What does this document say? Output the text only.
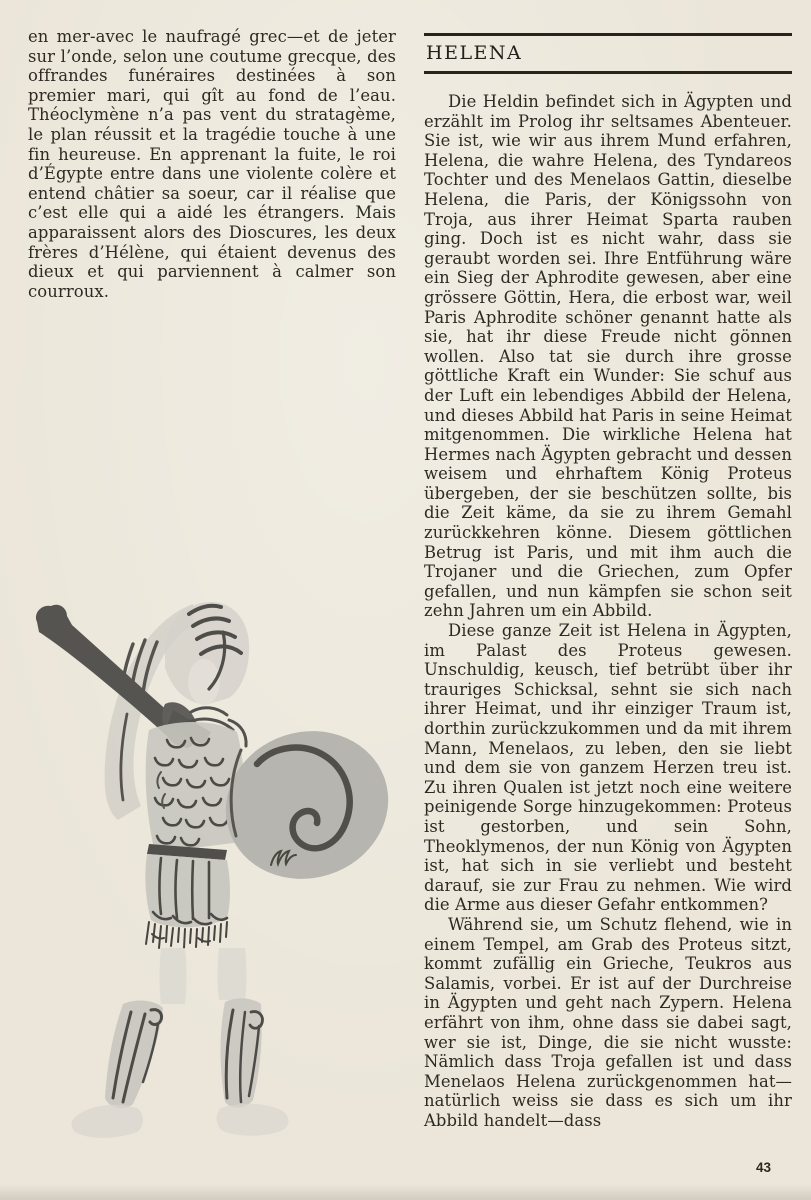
en mer-avec le naufragé grec—et de jeter sur l’onde, selon une coutume grecque, des offrandes funéraires destinées à son premier mari, qui gît au fond de l’eau. Théoclymène n’a pas vent du stratagème, le plan réussit et la tragédie touche à une fin heureuse. En apprenant la fuite, le roi d’Égypte entre dans une violente colère et entend châtier sa soeur, car il réalise que c’est elle qui a aidé les étrangers. Mais apparaissent alors des Dioscures, les deux frères d’Hélène, qui étaient devenus des dieux et qui parviennent à calmer son courroux.

HELENA

Die Heldin befindet sich in Ägypten und erzählt im Prolog ihr seltsames Abenteuer. Sie ist, wie wir aus ihrem Mund erfahren, Helena, die wahre Helena, des Tyndareos Tochter und des Menelaos Gattin, dieselbe Helena, die Paris, der Königssohn von Troja, aus ihrer Heimat Sparta rauben ging. Doch ist es nicht wahr, dass sie geraubt worden sei. Ihre Entführung wäre ein Sieg der Aphrodite gewesen, aber eine grössere Göttin, Hera, die erbost war, weil Paris Aphrodite schöner genannt hatte als sie, hat ihr diese Freude nicht gönnen wollen. Also tat sie durch ihre grosse göttliche Kraft ein Wunder: Sie schuf aus der Luft ein lebendiges Abbild der Helena, und dieses Abbild hat Paris in seine Heimat mitgenommen. Die wirkliche Helena hat Hermes nach Ägypten gebracht und dessen weisem und ehrhaftem König Proteus übergeben, der sie beschützen sollte, bis die Zeit käme, da sie zu ihrem Gemahl zurückkehren könne. Diesem göttlichen Betrug ist Paris, und mit ihm auch die Trojaner und die Griechen, zum Opfer gefallen, und nun kämpfen sie schon seit zehn Jahren um ein Abbild.

Diese ganze Zeit ist Helena in Ägypten, im Palast des Proteus gewesen. Unschuldig, keusch, tief betrübt über ihr trauriges Schicksal, sehnt sie sich nach ihrer Heimat, und ihr einziger Traum ist, dorthin zurückzukommen und da mit ihrem Mann, Menelaos, zu leben, den sie liebt und dem sie von ganzem Herzen treu ist. Zu ihren Qualen ist jetzt noch eine weitere peinigende Sorge hinzugekommen: Proteus ist gestorben, und sein Sohn, Theoklymenos, der nun König von Ägypten ist, hat sich in sie verliebt und besteht darauf, sie zur Frau zu nehmen. Wie wird die Arme aus dieser Gefahr entkommen?

Während sie, um Schutz flehend, wie in einem Tempel, am Grab des Proteus sitzt, kommt zufällig ein Grieche, Teukros aus Salamis, vorbei. Er ist auf der Durchreise in Ägypten und geht nach Zypern. Helena erfährt von ihm, ohne dass sie dabei sagt, wer sie ist, Dinge, die sie nicht wusste: Nämlich dass Troja gefallen ist und dass Menelaos Helena zurückgenommen hat—natürlich weiss sie dass es sich um ihr Abbild handelt—dass

43
